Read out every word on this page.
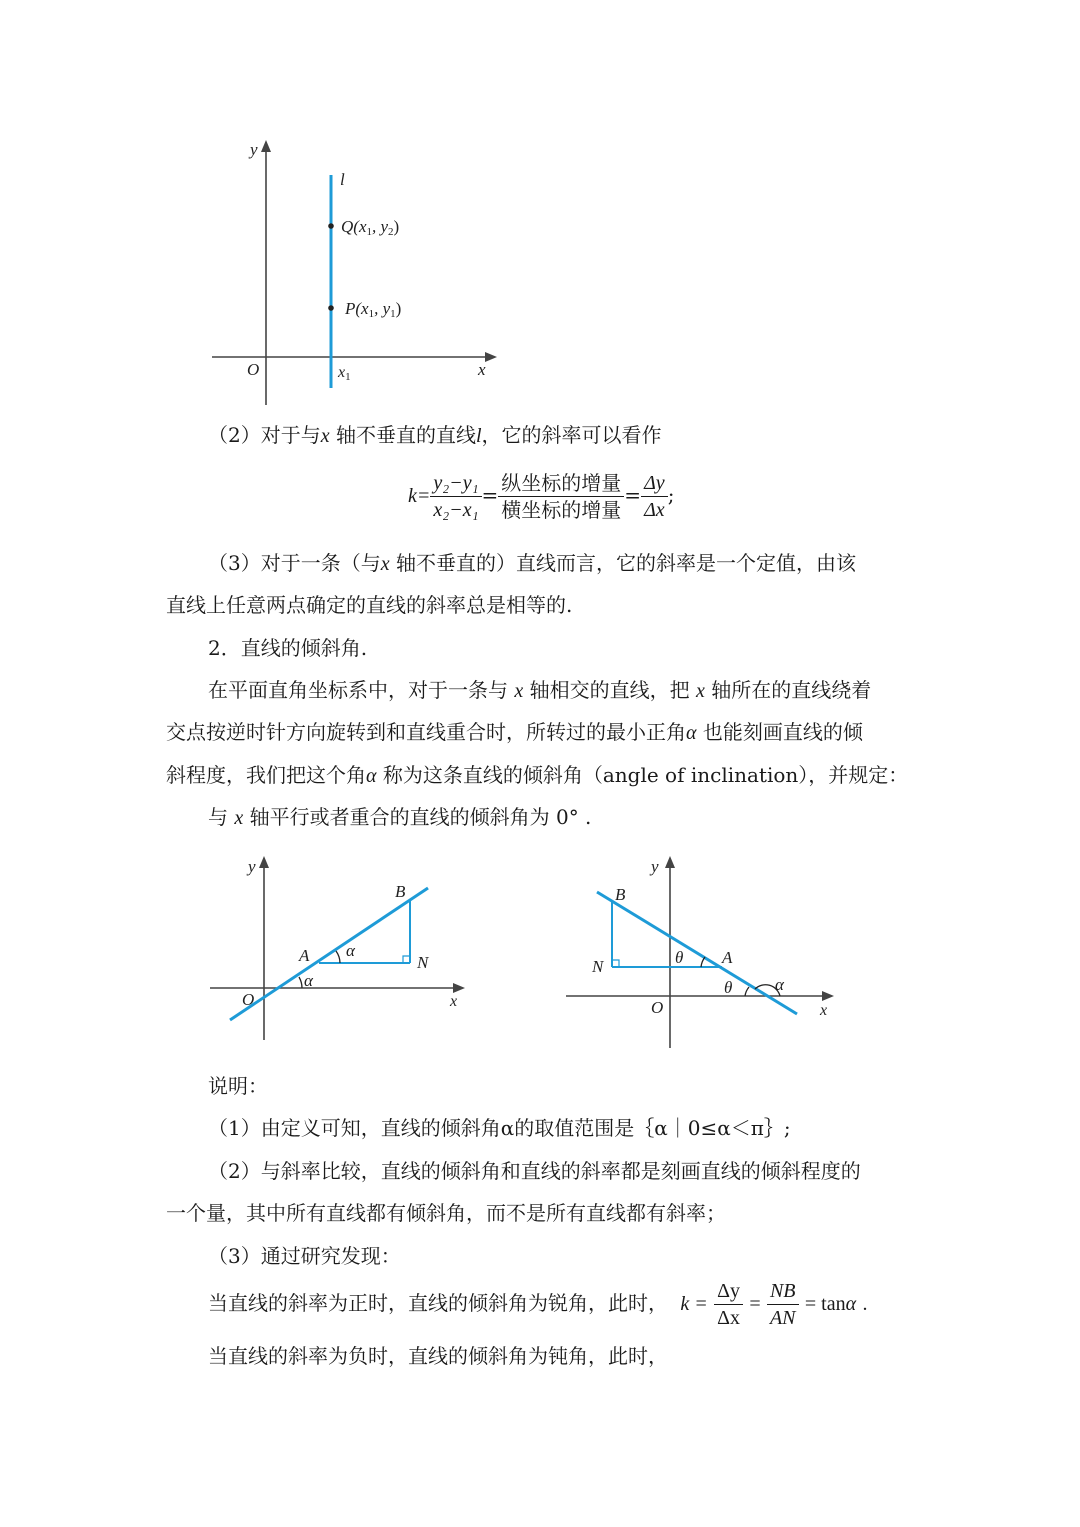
y
x
O
l
x1
Q(x1, y2)
P(x1, y1)
（2）对于与x 轴不垂直的直线l，它的斜率可以看作
$k= \frac{\text{y₂−y₁}}{\text{x₂−x₁}} = \frac{\text{纵坐标的增量}}{\text{横坐标的增量}} = \frac{\Delta y}{\Delta x}$ ;
（3）对于一条（与x 轴不垂直的）直线而言，它的斜率是一个定值，由该
直线上任意两点确定的直线的斜率总是相等的.
2．直线的倾斜角.
在平面直角坐标系中，对于一条与 x 轴相交的直线，把 x 轴所在的直线绕着
交点按逆时针方向旋转到和直线重合时，所转过的最小正角α 也能刻画直线的倾
斜程度，我们把这个角α 称为这条直线的倾斜角（angle of inclination），并规定：
与 x 轴平行或者重合的直线的倾斜角为 0° .
y
x
O
A
B
N
α
α
y
x
O
A
B
N	θ
θ	α
说明：
（1）由定义可知，直线的倾斜角α的取值范围是｛α｜0≤α＜π｝;
（2）与斜率比较，直线的倾斜角和直线的斜率都是刻画直线的倾斜程度的
一个量，其中所有直线都有倾斜角，而不是所有直线都有斜率；
（3）通过研究发现：
当直线的斜率为正时，直线的倾斜角为锐角，此时， $k = \frac{\Delta y}{\Delta x} = \frac{NB}{AN} = \tan\alpha$ .
当直线的斜率为负时，直线的倾斜角为钝角，此时，
